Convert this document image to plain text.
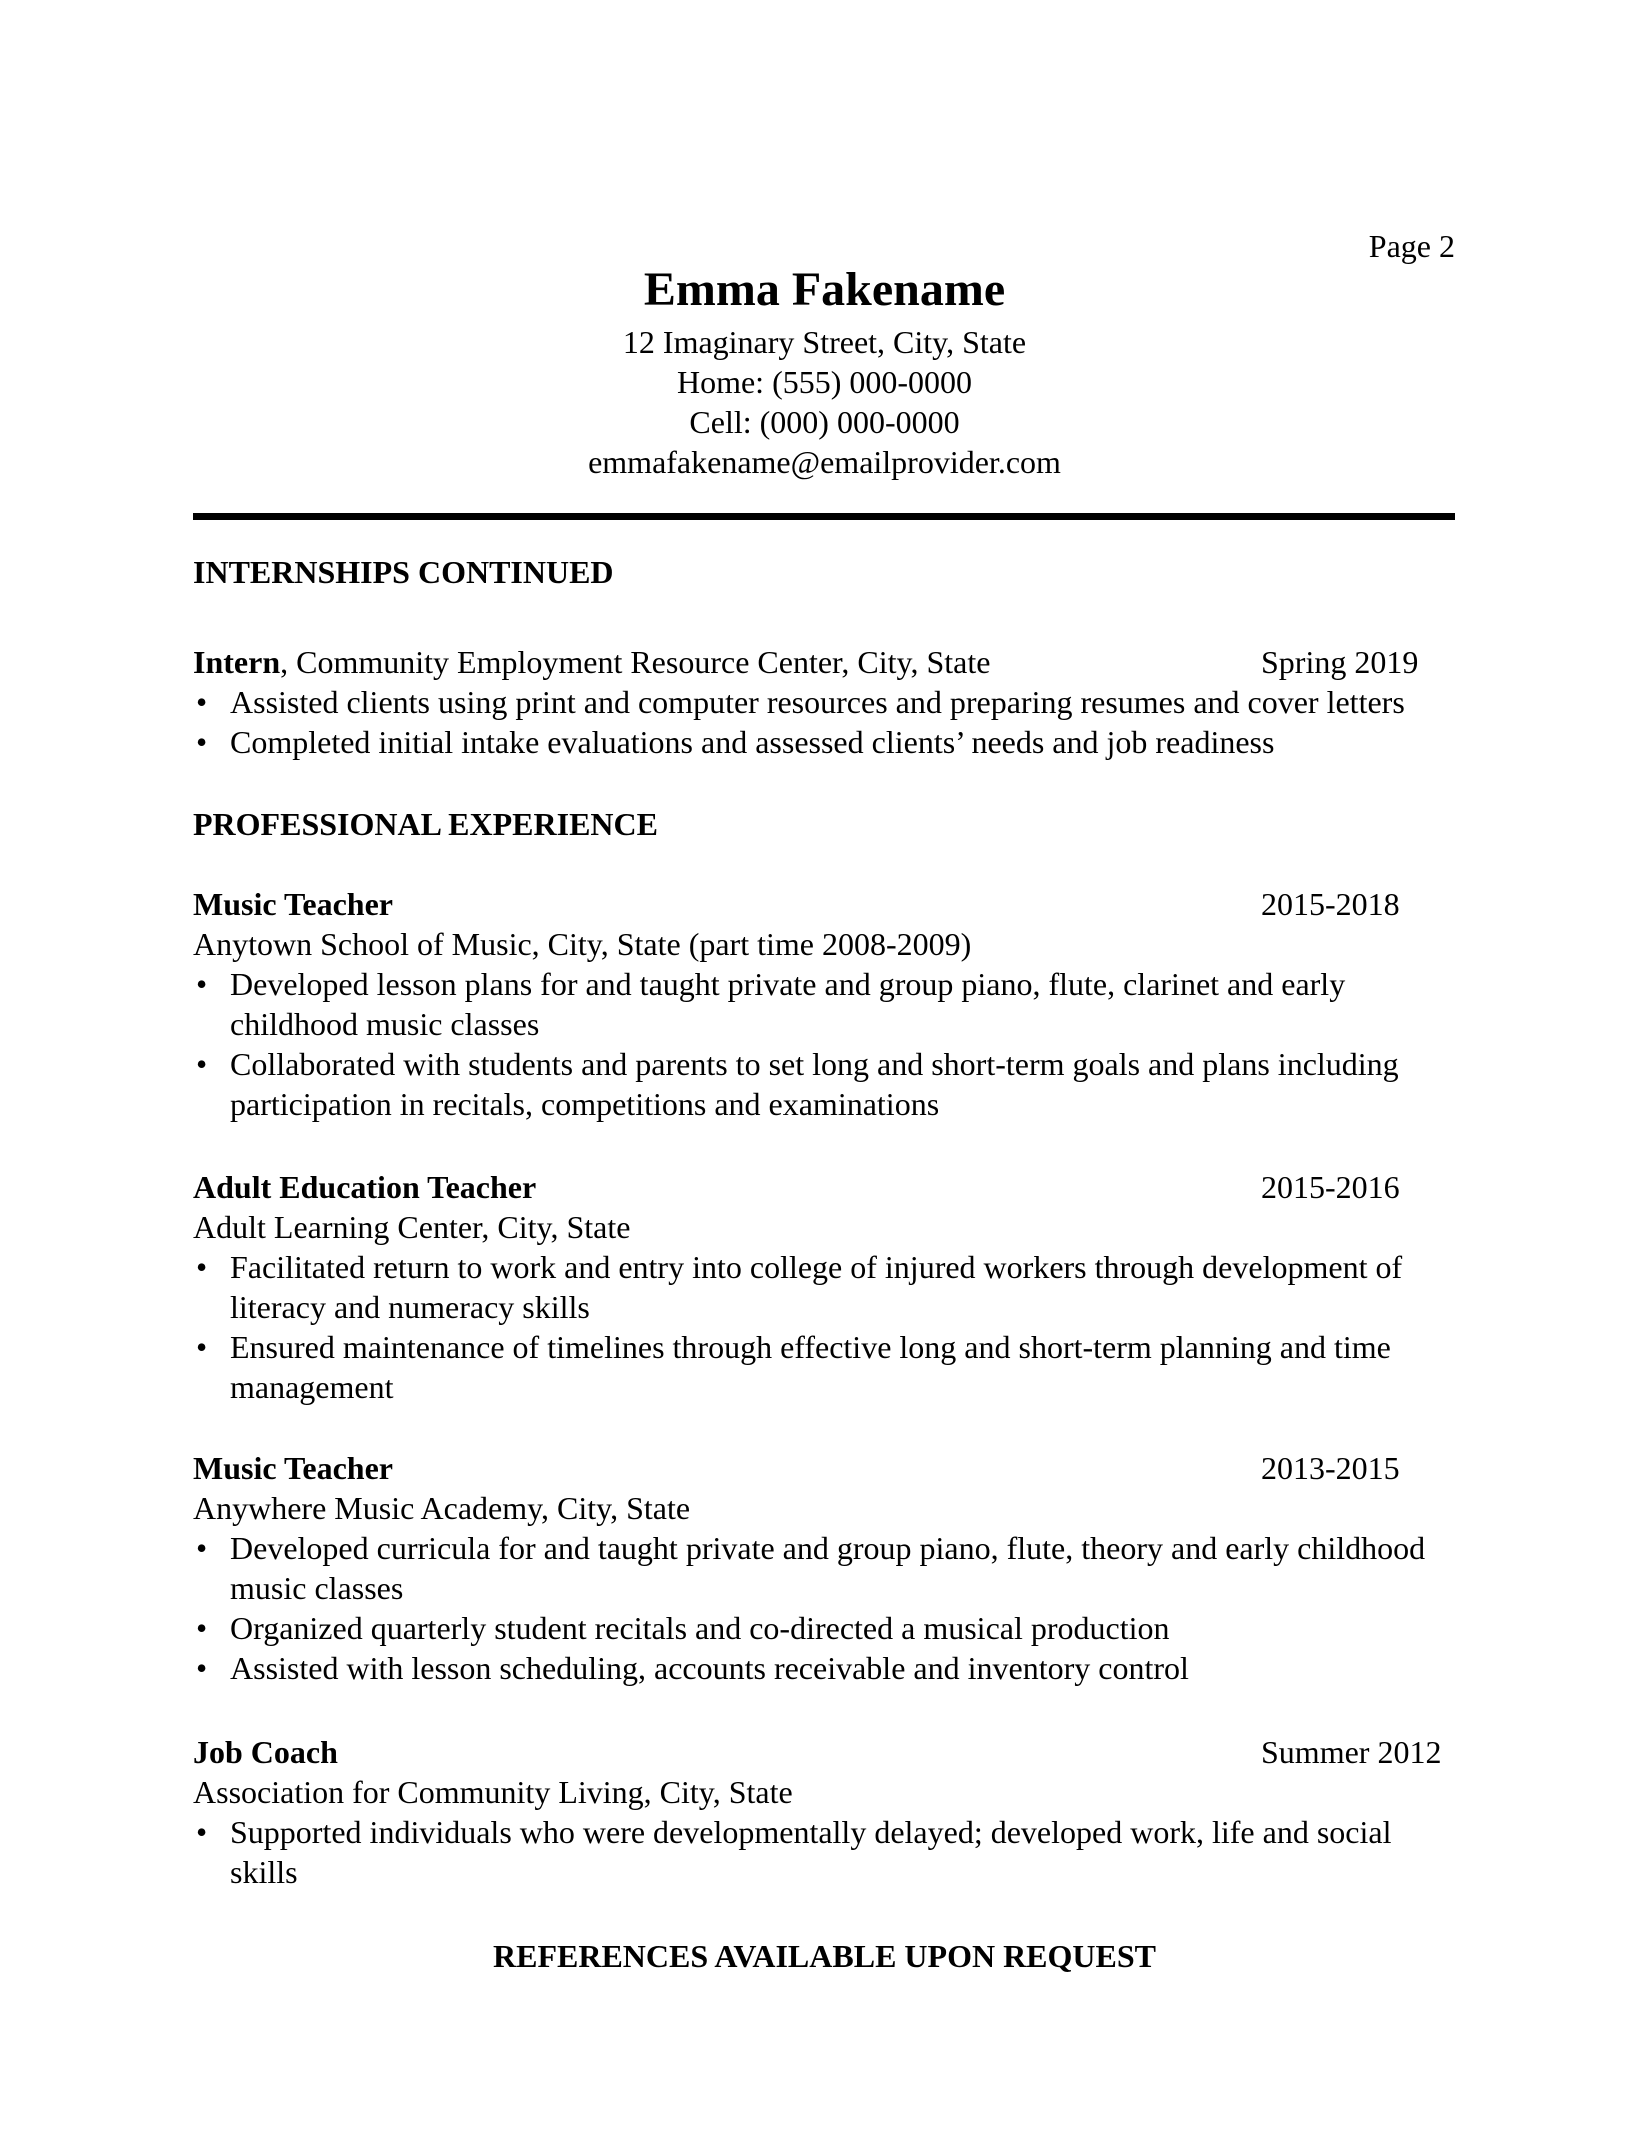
Page 2
Emma Fakename
12 Imaginary Street, City, State
Home: (555) 000-0000
Cell: (000) 000-0000
emmafakename@emailprovider.com
INTERNSHIPS CONTINUED
Intern, Community Employment Resource Center, City, State	Spring 2019
• Assisted clients using print and computer resources and preparing resumes and cover letters
• Completed initial intake evaluations and assessed clients’ needs and job readiness
PROFESSIONAL EXPERIENCE
Music Teacher	2015-2018
Anytown School of Music, City, State (part time 2008-2009)
• Developed lesson plans for and taught private and group piano, flute, clarinet and early childhood music classes
• Collaborated with students and parents to set long and short-term goals and plans including participation in recitals, competitions and examinations
Adult Education Teacher	2015-2016
Adult Learning Center, City, State
• Facilitated return to work and entry into college of injured workers through development of literacy and numeracy skills
• Ensured maintenance of timelines through effective long and short-term planning and time management
Music Teacher	2013-2015
Anywhere Music Academy, City, State
• Developed curricula for and taught private and group piano, flute, theory and early childhood music classes
• Organized quarterly student recitals and co-directed a musical production
• Assisted with lesson scheduling, accounts receivable and inventory control
Job Coach	Summer 2012
Association for Community Living, City, State
• Supported individuals who were developmentally delayed; developed work, life and social skills
REFERENCES AVAILABLE UPON REQUEST
